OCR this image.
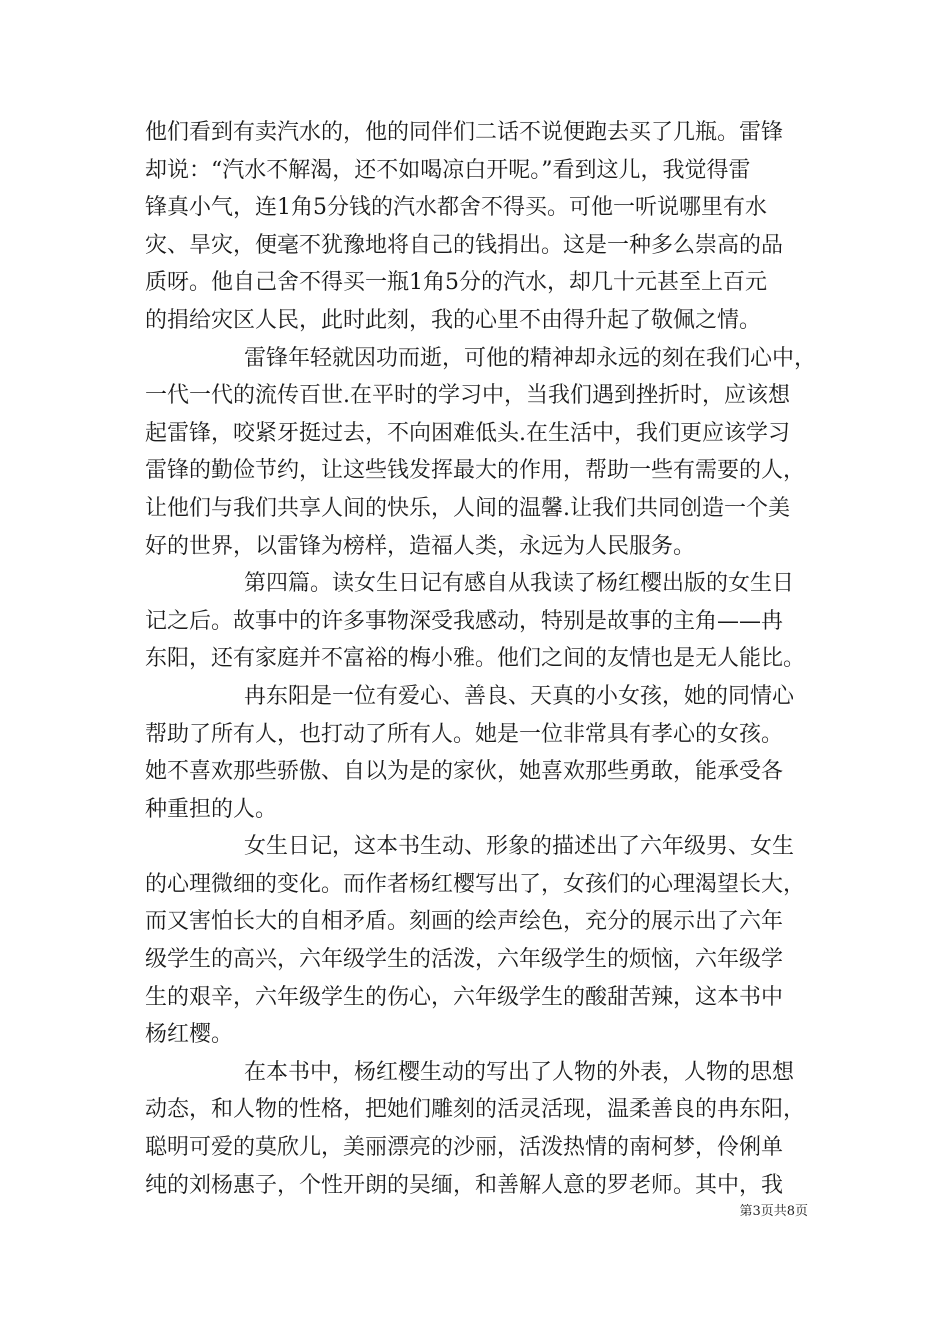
他们看到有卖汽水的，他的同伴们二话不说便跑去买了几瓶。雷锋
却说：“汽水不解渴，还不如喝凉白开呢。”看到这儿，我觉得雷
锋真小气，连1角5分钱的汽水都舍不得买。可他一听说哪里有水
灾、旱灾，便毫不犹豫地将自己的钱捐出。这是一种多么崇高的品
质呀。他自己舍不得买一瓶1角5分的汽水，却几十元甚至上百元
的捐给灾区人民，此时此刻，我的心里不由得升起了敬佩之情。
雷锋年轻就因功而逝，可他的精神却永远的刻在我们心中，
一代一代的流传百世.在平时的学习中，当我们遇到挫折时，应该想
起雷锋，咬紧牙挺过去，不向困难低头.在生活中，我们更应该学习
雷锋的勤俭节约，让这些钱发挥最大的作用，帮助一些有需要的人，
让他们与我们共享人间的快乐，人间的温馨.让我们共同创造一个美
好的世界，以雷锋为榜样，造福人类，永远为人民服务。
第四篇。读女生日记有感自从我读了杨红樱出版的女生日
记之后。故事中的许多事物深受我感动，特别是故事的主角——冉
东阳，还有家庭并不富裕的梅小雅。他们之间的友情也是无人能比。
冉东阳是一位有爱心、善良、天真的小女孩，她的同情心
帮助了所有人，也打动了所有人。她是一位非常具有孝心的女孩。
她不喜欢那些骄傲、自以为是的家伙，她喜欢那些勇敢，能承受各
种重担的人。
女生日记，这本书生动、形象的描述出了六年级男、女生
的心理微细的变化。而作者杨红樱写出了，女孩们的心理渴望长大，
而又害怕长大的自相矛盾。刻画的绘声绘色，充分的展示出了六年
级学生的高兴，六年级学生的活泼，六年级学生的烦恼，六年级学
生的艰辛，六年级学生的伤心，六年级学生的酸甜苦辣，这本书中
杨红樱。
在本书中，杨红樱生动的写出了人物的外表，人物的思想
动态，和人物的性格，把她们雕刻的活灵活现，温柔善良的冉东阳，
聪明可爱的莫欣儿，美丽漂亮的沙丽，活泼热情的南柯梦，伶俐单
纯的刘杨惠子，个性开朗的吴缅，和善解人意的罗老师。其中，我
第3页共8页
